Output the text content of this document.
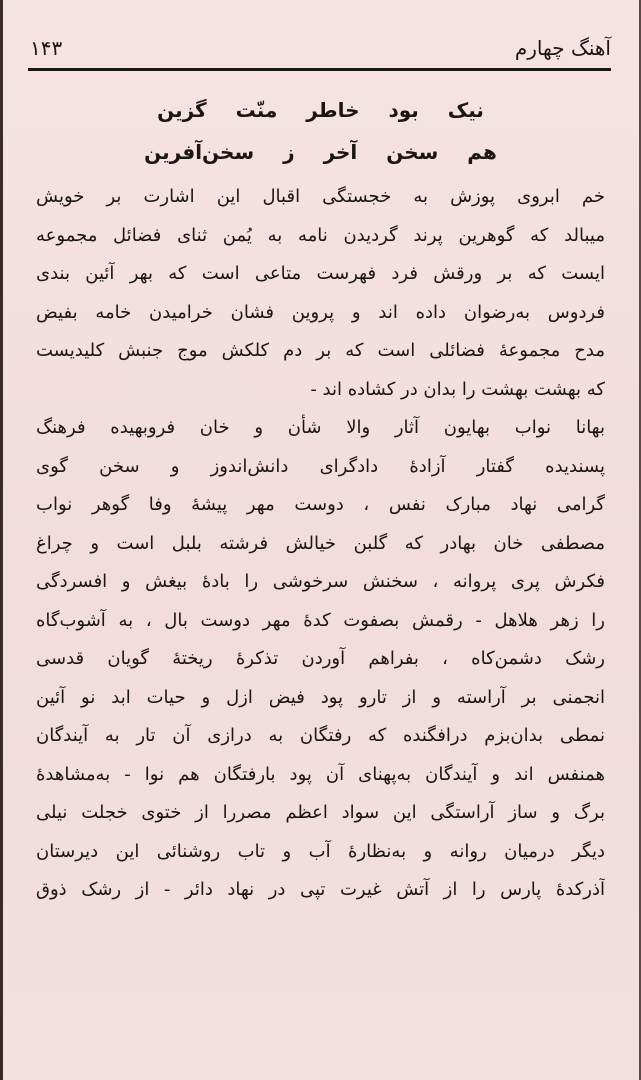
۱۴۳	آهنگ چهارم
نیک بود خاطر منّت گزین
هم سخن آخر ز سخن‌آفرین
خم ابروی پوزش به خجستگی اقبال این اشارت بر خویش
میبالد که گوهرین پرند گردیدن نامه به یُمن ثنای فضائل مجموعه
ایست که بر ورقش فرد فهرست متاعی است که بهر آئین بندی
فردوس به‌رضوان داده اند و پروین فشان خرامیدن خامه بفیض
مدح مجموعهٔ فضائلی است که بر دم کلکش موج جنبش کلیدیست
که بهشت بهشت را بدان در کشاده اند -
بهانا نواب بهایون آثار والا شأن و خان فروبهیده فرهنگ
پسندیده گفتار آزادهٔ دادگرای دانش‌اندوز و سخن گوی
گرامی نهاد مبارک نفس ، دوست مهر پیشهٔ وفا گوهر نواب
مصطفی خان بهادر که گلبن خیالش فرشته بلبل است و چراغ
فکرش پری پروانه ، سخنش سرخوشی را بادهٔ بیغش و افسردگی
را زهر هلاهل - رقمش بصفوت کدهٔ مهر دوست بال ، به آشوب‌گاه
رشک دشمن‌کاه ، بفراهم آوردن تذکرهٔ ریختهٔ گویان قدسی
انجمنی بر آراسته و از تارو پود فیض ازل و حیات ابد نو آئین
نمطی بدان‌بزم درافگنده که رفتگان به درازی آن تار به آیندگان
همنفس اند و آیندگان به‌پهنای آن پود بارفتگان هم نوا - به‌مشاهدهٔ
برگ و ساز آراستگی این سواد اعظم مصررا از ختوی خجلت نیلی
دیگر درمیان روانه و به‌نظارهٔ آب و تاب روشنائی این دیرستان
آذرکدهٔ پارس را از آتش غیرت تپی در نهاد دائر - از رشک ذوق
